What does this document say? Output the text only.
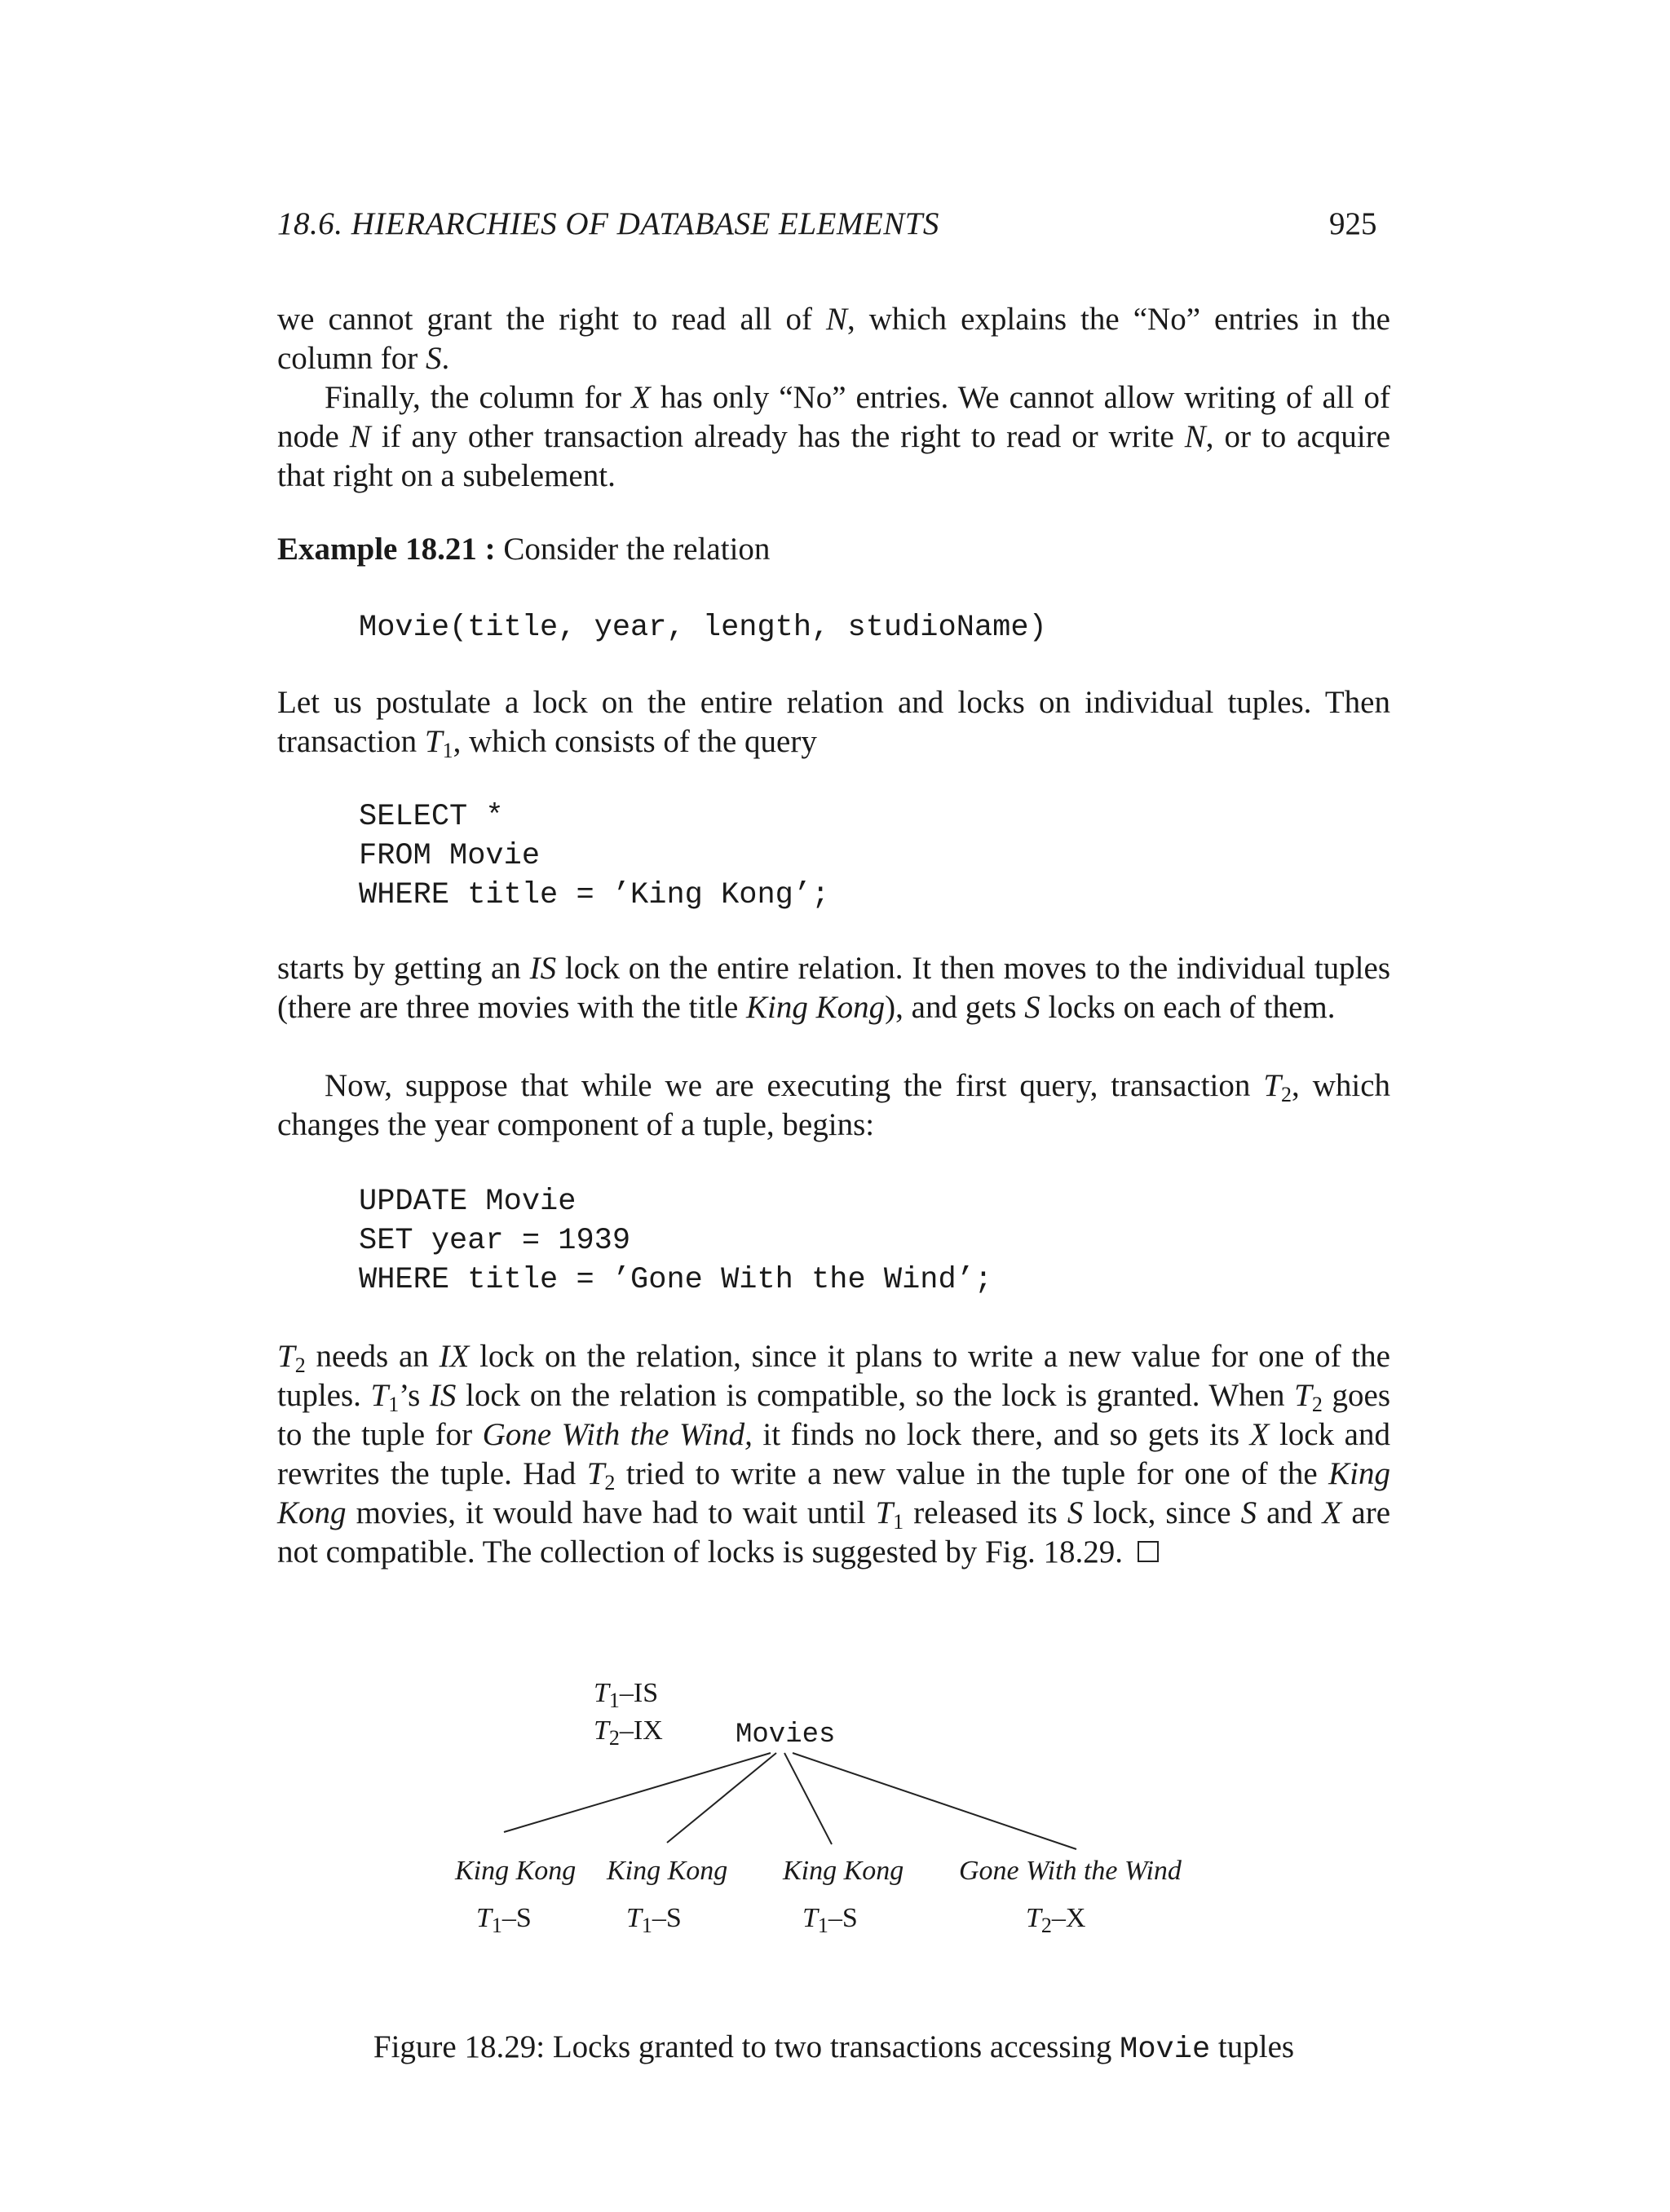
18.6. HIERARCHIES OF DATABASE ELEMENTS	925
we cannot grant the right to read all of N, which explains the “No” entries in the column for S.
Finally, the column for X has only “No” entries. We cannot allow writing of all of node N if any other transaction already has the right to read or write N, or to acquire that right on a subelement.
Example 18.21 : Consider the relation
Movie(title, year, length, studioName)
Let us postulate a lock on the entire relation and locks on individual tuples. Then transaction $T_1$, which consists of the query
SELECT *
FROM Movie
WHERE title = ’King Kong’;
starts by getting an IS lock on the entire relation. It then moves to the individual tuples (there are three movies with the title King Kong), and gets S locks on each of them.
Now, suppose that while we are executing the first query, transaction $T_2$, which changes the year component of a tuple, begins:
UPDATE Movie
SET year = 1939
WHERE title = ’Gone With the Wind’;
$T_2$ needs an IX lock on the relation, since it plans to write a new value for one of the tuples. $T_1’s$ IS lock on the relation is compatible, so the lock is granted. When $T_2$ goes to the tuple for Gone With the Wind, it finds no lock there, and so gets its X lock and rewrites the tuple. Had $T_2$ tried to write a new value in the tuple for one of the King Kong movies, it would have had to wait until $T_1$ released its S lock, since S and X are not compatible. The collection of locks is suggested by Fig. 18.29.
$T_1-IS$
$T_2-IX$	Movies
King Kong King Kong King Kong Gone With the Wind
$T_1-S$	$T_1-S$	$T_1-S$	$T_2-X$
Figure 18.29: Locks granted to two transactions accessing Movie tuples
